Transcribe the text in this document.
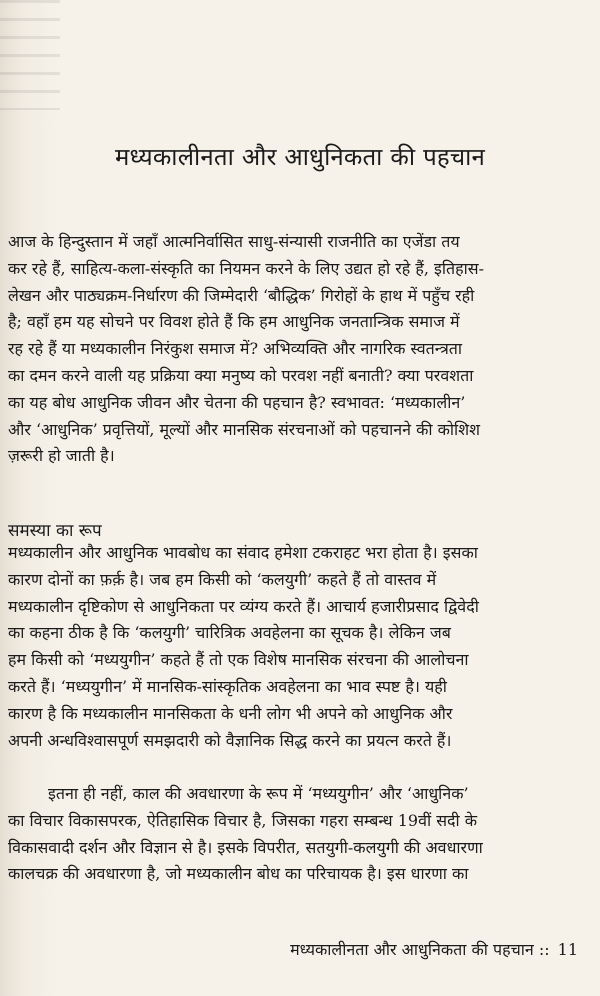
मध्यकालीनता और आधुनिकता की पहचान
आज के हिन्दुस्तान में जहाँ आत्मनिर्वासित साधु-संन्यासी राजनीति का एजेंडा तय
कर रहे हैं, साहित्य-कला-संस्कृति का नियमन करने के लिए उद्यत हो रहे हैं, इतिहास-
लेखन और पाठ्यक्रम-निर्धारण की जिम्मेदारी ‘बौद्धिक’ गिरोहों के हाथ में पहुँच रही
है; वहाँ हम यह सोचने पर विवश होते हैं कि हम आधुनिक जनतान्त्रिक समाज में
रह रहे हैं या मध्यकालीन निरंकुश समाज में? अभिव्यक्ति और नागरिक स्वतन्त्रता
का दमन करने वाली यह प्रक्रिया क्या मनुष्य को परवश नहीं बनाती? क्या परवशता
का यह बोध आधुनिक जीवन और चेतना की पहचान है? स्वभावत: ‘मध्यकालीन’
और ‘आधुनिक’ प्रवृत्तियों, मूल्यों और मानसिक संरचनाओं को पहचानने की कोशिश
ज़रूरी हो जाती है।
समस्या का रूप
मध्यकालीन और आधुनिक भावबोध का संवाद हमेशा टकराहट भरा होता है। इसका
कारण दोनों का फ़र्क़ है। जब हम किसी को ‘कलयुगी’ कहते हैं तो वास्तव में
मध्यकालीन दृष्टिकोण से आधुनिकता पर व्यंग्य करते हैं। आचार्य हजारीप्रसाद द्विवेदी
का कहना ठीक है कि ‘कलयुगी’ चारित्रिक अवहेलना का सूचक है। लेकिन जब
हम किसी को ‘मध्ययुगीन’ कहते हैं तो एक विशेष मानसिक संरचना की आलोचना
करते हैं। ‘मध्ययुगीन’ में मानसिक-सांस्कृतिक अवहेलना का भाव स्पष्ट है। यही
कारण है कि मध्यकालीन मानसिकता के धनी लोग भी अपने को आधुनिक और
अपनी अन्धविश्वासपूर्ण समझदारी को वैज्ञानिक सिद्ध करने का प्रयत्न करते हैं।
इतना ही नहीं, काल की अवधारणा के रूप में ‘मध्ययुगीन’ और ‘आधुनिक’
का विचार विकासपरक, ऐतिहासिक विचार है, जिसका गहरा सम्बन्ध 19वीं सदी के
विकासवादी दर्शन और विज्ञान से है। इसके विपरीत, सतयुगी-कलयुगी की अवधारणा
कालचक्र की अवधारणा है, जो मध्यकालीन बोध का परिचायक है। इस धारणा का
मध्यकालीनता और आधुनिकता की पहचान :: 11
